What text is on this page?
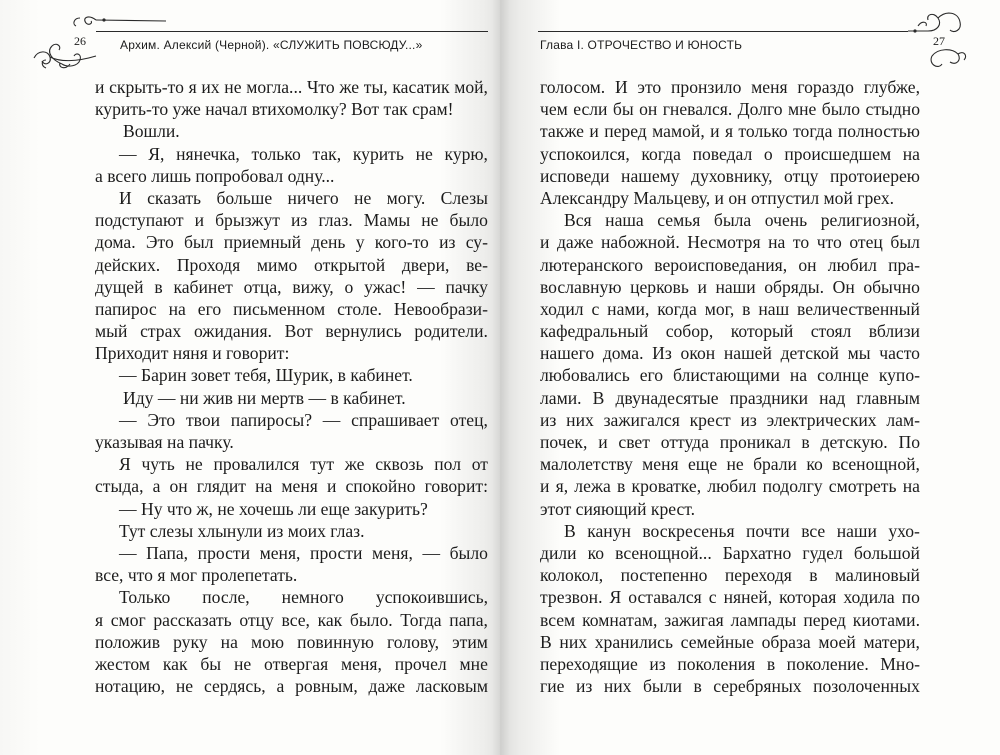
26	Архим. Алексий (Черной). «СЛУЖИТЬ ПОВСЮДУ...»
и скрыть-то я их не могла... Что же ты, касатик мой,
курить-то уже начал втихомолку? Вот так срам!
Вошли.
— Я, нянечка, только так, курить не курю,
а всего лишь попробовал одну...
И сказать больше ничего не могу. Слезы
подступают и брызжут из глаз. Мамы не было
дома. Это был приемный день у кого-то из су-
дейских. Проходя мимо открытой двери, ве-
дущей в кабинет отца, вижу, о ужас! — пачку
папирос на его письменном столе. Невообрази-
мый страх ожидания. Вот вернулись родители.
Приходит няня и говорит:
— Барин зовет тебя, Шурик, в кабинет.
Иду — ни жив ни мертв — в кабинет.
— Это твои папиросы? — спрашивает отец,
указывая на пачку.
Я чуть не провалился тут же сквозь пол от
стыда, а он глядит на меня и спокойно говорит:
— Ну что ж, не хочешь ли еще закурить?
Тут слезы хлынули из моих глаз.
— Папа, прости меня, прости меня, — было
все, что я мог пролепетать.
Только после, немного успокоившись,
я смог рассказать отцу все, как было. Тогда папа,
положив руку на мою повинную голову, этим
жестом как бы не отвергая меня, прочел мне
нотацию, не сердясь, а ровным, даже ласковым
Глава I. ОТРОЧЕСТВО И ЮНОСТЬ	27
голосом. И это пронзило меня гораздо глубже,
чем если бы он гневался. Долго мне было стыдно
также и перед мамой, и я только тогда полностью
успокоился, когда поведал о происшедшем на
исповеди нашему духовнику, отцу протоиерею
Александру Мальцеву, и он отпустил мой грех.
Вся наша семья была очень религиозной,
и даже набожной. Несмотря на то что отец был
лютеранского вероисповедания, он любил пра-
вославную церковь и наши обряды. Он обычно
ходил с нами, когда мог, в наш величественный
кафедральный собор, который стоял вблизи
нашего дома. Из окон нашей детской мы часто
любовались его блистающими на солнце купо-
лами. В двунадесятые праздники над главным
из них зажигался крест из электрических лам-
почек, и свет оттуда проникал в детскую. По
малолетству меня еще не брали ко всенощной,
и я, лежа в кроватке, любил подолгу смотреть на
этот сияющий крест.
В канун воскресенья почти все наши ухо-
дили ко всенощной... Бархатно гудел большой
колокол, постепенно переходя в малиновый
трезвон. Я оставался с няней, которая ходила по
всем комнатам, зажигая лампады перед киотами.
В них хранились семейные образа моей матери,
переходящие из поколения в поколение. Мно-
гие из них были в серебряных позолоченных
